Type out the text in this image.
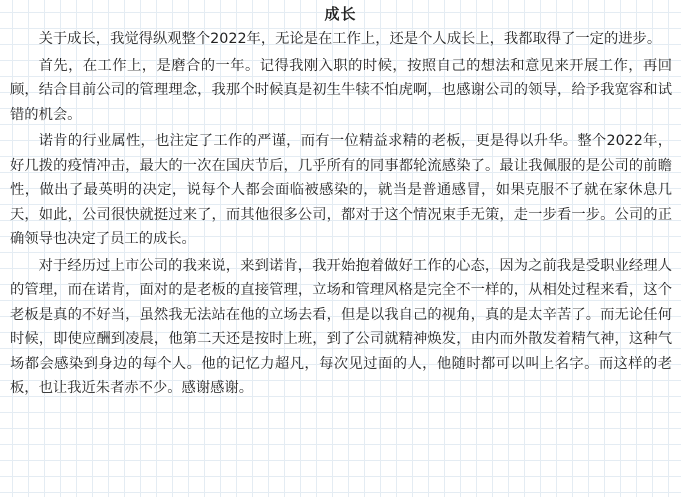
成长

关于成长，我觉得纵观整个2022年，无论是在工作上，还是个人成长上，我都取得了一定的进步。

首先，在工作上，是磨合的一年。记得我刚入职的时候，按照自己的想法和意见来开展工作，再回顾，结合目前公司的管理理念，我那个时候真是初生牛犊不怕虎啊，也感谢公司的领导，给予我宽容和试错的机会。

诺肯的行业属性，也注定了工作的严谨，而有一位精益求精的老板，更是得以升华。整个2022年，好几拨的疫情冲击，最大的一次在国庆节后，几乎所有的同事都轮流感染了。最让我佩服的是公司的前瞻性，做出了最英明的决定，说每个人都会面临被感染的，就当是普通感冒，如果克服不了就在家休息几天，如此，公司很快就挺过来了，而其他很多公司，都对于这个情况束手无策，走一步看一步。公司的正确领导也决定了员工的成长。

对于经历过上市公司的我来说，来到诺肯，我开始抱着做好工作的心态，因为之前我是受职业经理人的管理，而在诺肯，面对的是老板的直接管理，立场和管理风格是完全不一样的，从相处过程来看，这个老板是真的不好当，虽然我无法站在他的立场去看，但是以我自己的视角，真的是太辛苦了。而无论任何时候，即使应酬到凌晨，他第二天还是按时上班，到了公司就精神焕发，由内而外散发着精气神，这种气场都会感染到身边的每个人。他的记忆力超凡，每次见过面的人，他随时都可以叫上名字。而这样的老板，也让我近朱者赤不少。感谢感谢。
